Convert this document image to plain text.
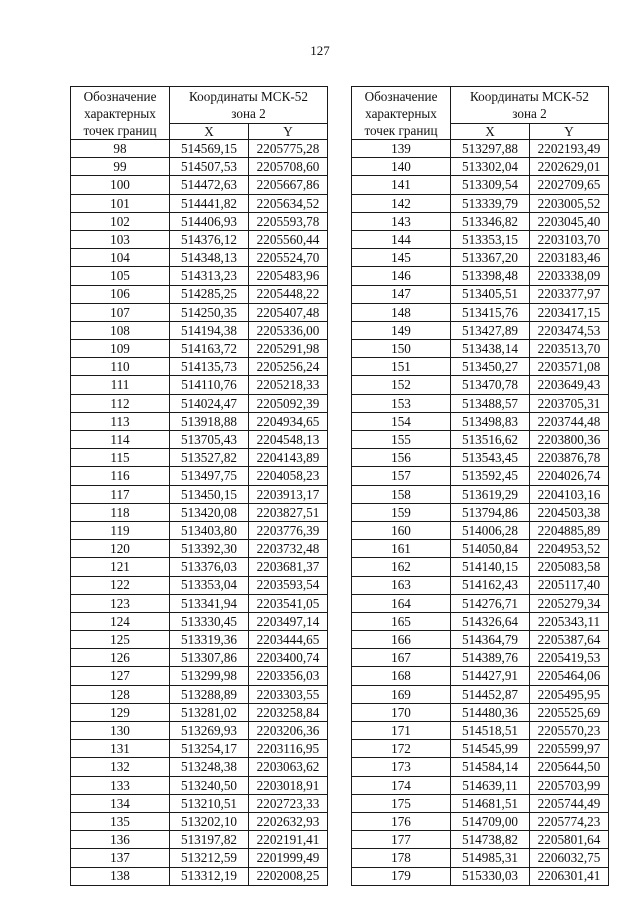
127
Обозначение
характерных
точек границ	Координаты МСК-52
зона 2	
	X	Y
98	514569,15	2205775,28
99	514507,53	2205708,60
100	514472,63	2205667,86
101	514441,82	2205634,52
102	514406,93	2205593,78
103	514376,12	2205560,44
104	514348,13	2205524,70
105	514313,23	2205483,96
106	514285,25	2205448,22
107	514250,35	2205407,48
108	514194,38	2205336,00
109	514163,72	2205291,98
110	514135,73	2205256,24
111	514110,76	2205218,33
112	514024,47	2205092,39
113	513918,88	2204934,65
114	513705,43	2204548,13
115	513527,82	2204143,89
116	513497,75	2204058,23
117	513450,15	2203913,17
118	513420,08	2203827,51
119	513403,80	2203776,39
120	513392,30	2203732,48
121	513376,03	2203681,37
122	513353,04	2203593,54
123	513341,94	2203541,05
124	513330,45	2203497,14
125	513319,36	2203444,65
126	513307,86	2203400,74
127	513299,98	2203356,03
128	513288,89	2203303,55
129	513281,02	2203258,84
130	513269,93	2203206,36
131	513254,17	2203116,95
132	513248,38	2203063,62
133	513240,50	2203018,91
134	513210,51	2202723,33
135	513202,10	2202632,93
136	513197,82	2202191,41
137	513212,59	2201999,49
138	513312,19	2202008,25
Обозначение
характерных
точек границ	Координаты МСК-52
зона 2	
	X	Y
139	513297,88	2202193,49
140	513302,04	2202629,01
141	513309,54	2202709,65
142	513339,79	2203005,52
143	513346,82	2203045,40
144	513353,15	2203103,70
145	513367,20	2203183,46
146	513398,48	2203338,09
147	513405,51	2203377,97
148	513415,76	2203417,15
149	513427,89	2203474,53
150	513438,14	2203513,70
151	513450,27	2203571,08
152	513470,78	2203649,43
153	513488,57	2203705,31
154	513498,83	2203744,48
155	513516,62	2203800,36
156	513543,45	2203876,78
157	513592,45	2204026,74
158	513619,29	2204103,16
159	513794,86	2204503,38
160	514006,28	2204885,89
161	514050,84	2204953,52
162	514140,15	2205083,58
163	514162,43	2205117,40
164	514276,71	2205279,34
165	514326,64	2205343,11
166	514364,79	2205387,64
167	514389,76	2205419,53
168	514427,91	2205464,06
169	514452,87	2205495,95
170	514480,36	2205525,69
171	514518,51	2205570,23
172	514545,99	2205599,97
173	514584,14	2205644,50
174	514639,11	2205703,99
175	514681,51	2205744,49
176	514709,00	2205774,23
177	514738,82	2205801,64
178	514985,31	2206032,75
179	515330,03	2206301,41
